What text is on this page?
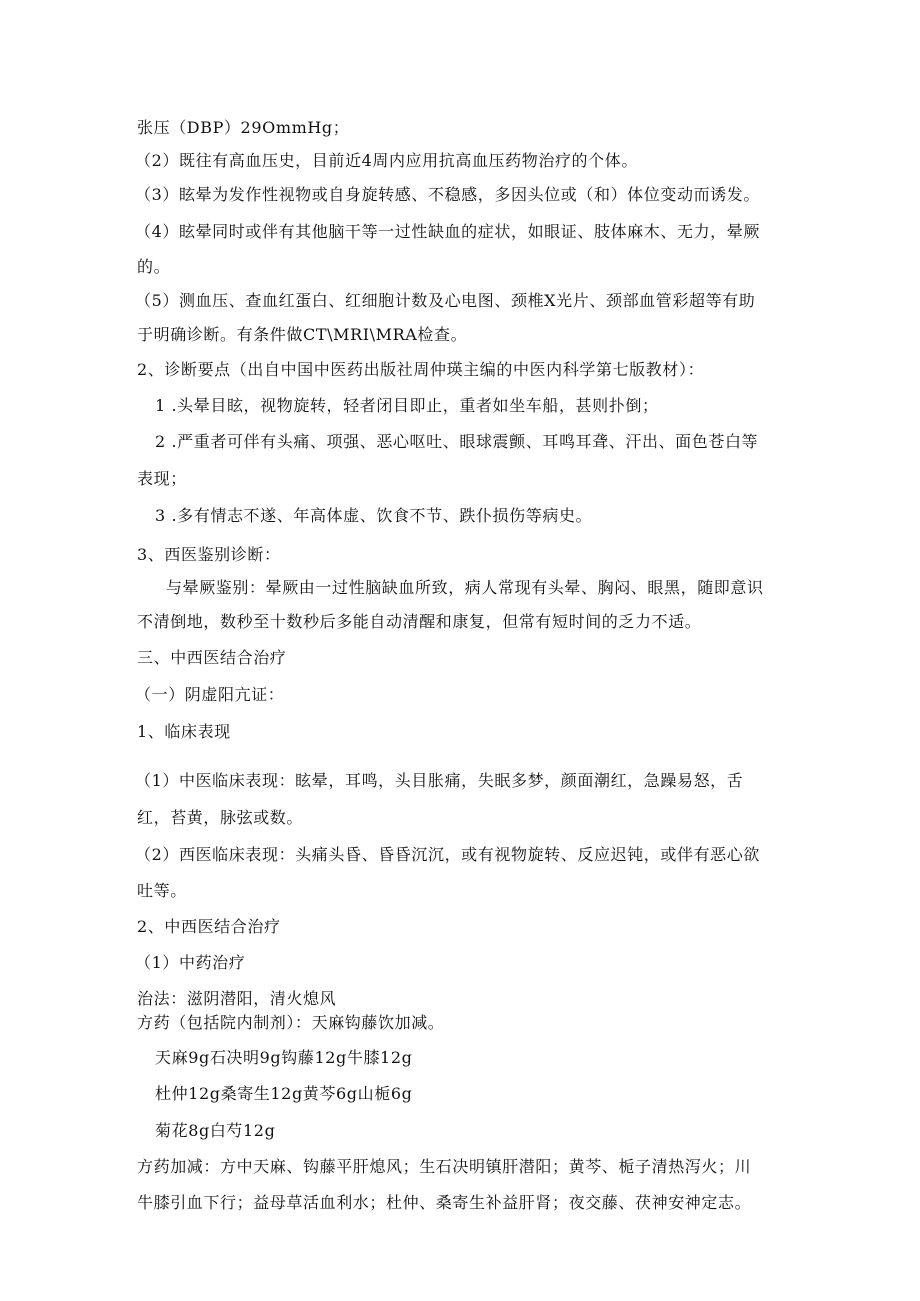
张压（DBP）29OmmHg；
（2）既往有高血压史，目前近4周内应用抗高血压药物治疗的个体。
（3）眩晕为发作性视物或自身旋转感、不稳感，多因头位或（和）体位变动而诱发。
（4）眩晕同时或伴有其他脑干等一过性缺血的症状，如眼证、肢体麻木、无力，晕厥
的。
（5）测血压、查血红蛋白、红细胞计数及心电图、颈椎X光片、颈部血管彩超等有助
于明确诊断。有条件做CT\MRI\MRA检查。
2、诊断要点（出自中国中医药出版社周仲瑛主编的中医内科学第七版教材）：
1 .头晕目眩，视物旋转，轻者闭目即止，重者如坐车船，甚则扑倒；
2 .严重者可伴有头痛、项强、恶心呕吐、眼球震颤、耳鸣耳聋、汗出、面色苍白等
表现；
3 .多有情志不遂、年高体虚、饮食不节、跌仆损伤等病史。
3、西医鉴别诊断：
与晕厥鉴别：晕厥由一过性脑缺血所致，病人常现有头晕、胸闷、眼黑，随即意识
不清倒地，数秒至十数秒后多能自动清醒和康复，但常有短时间的乏力不适。
三、中西医结合治疗
（一）阴虚阳亢证：
1、临床表现
（1）中医临床表现：眩晕，耳鸣，头目胀痛，失眠多梦，颜面潮红，急躁易怒，舌
红，苔黄，脉弦或数。
（2）西医临床表现：头痛头昏、昏昏沉沉，或有视物旋转、反应迟钝，或伴有恶心欲
吐等。
2、中西医结合治疗
（1）中药治疗
治法：滋阴潜阳，清火熄风
方药（包括院内制剂）：天麻钩藤饮加减。
天麻9g石决明9g钩藤12g牛膝12g
杜仲12g桑寄生12g黄芩6g山栀6g
菊花8g白芍12g
方药加减：方中天麻、钩藤平肝熄风；生石决明镇肝潜阳；黄芩、栀子清热泻火；川
牛膝引血下行；益母草活血利水；杜仲、桑寄生补益肝肾；夜交藤、茯神安神定志。
